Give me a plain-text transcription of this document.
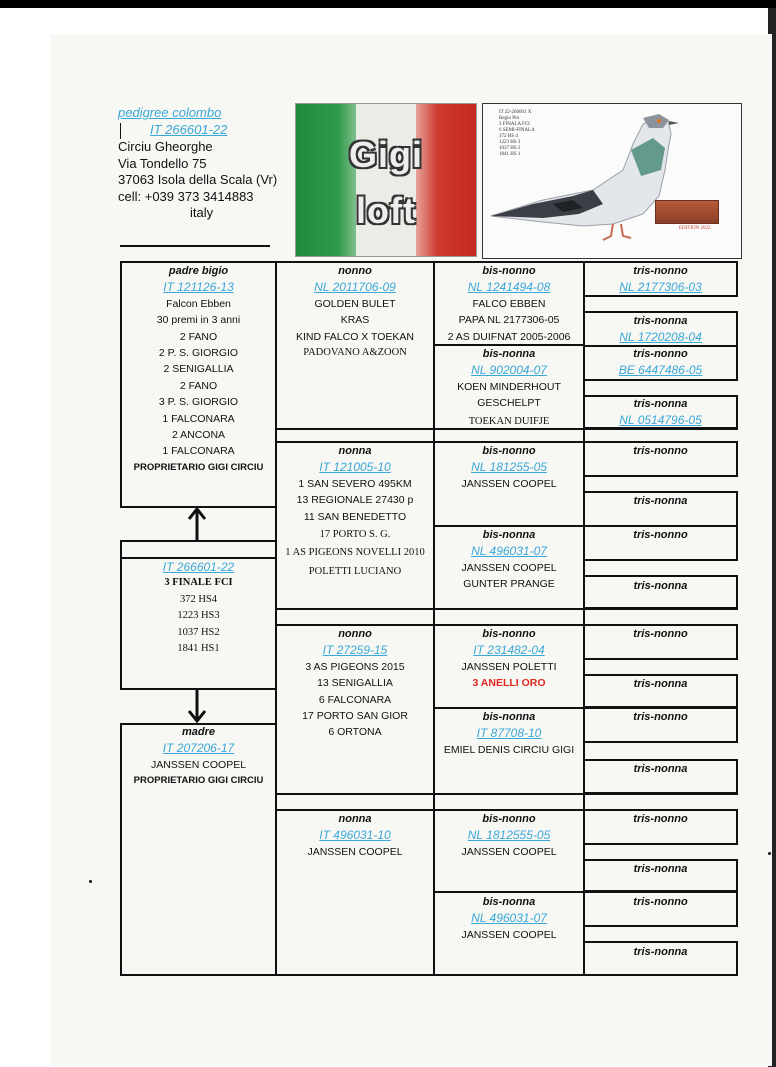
pedigree colombo
IT 266601-22
Circiu Gheorghe
Via Tondello 75
37063 Isola della Scala (Vr)
cell: +039 373 3414883
italy
Gigi
loft
IT 22-266601 X
Regio Pro
3 FINALA FCI
6 SEMI-FINALA
372 HS 4
1223 HS 3
1037 HS 2
1841 HS 1
EDITION 2022
padre bigio
IT 121126-13
Falcon Ebben
30 premi in 3 anni
2 FANO
2 P. S. GIORGIO
2 SENIGALLIA
2 FANO
3 P. S. GIORGIO
1 FALCONARA
2 ANCONA
1 FALCONARA
PROPRIETARIO GIGI CIRCIU
IT 266601-22
3 FINALE FCI
372 HS4
1223 HS3
1037 HS2
1841 HS1
madre
IT 207206-17
JANSSEN COOPEL
PROPRIETARIO GIGI CIRCIU
nonno
NL 2011706-09
GOLDEN BULET
KRAS
KIND FALCO X TOEKAN
PADOVANO A&ZOON
nonna
IT 121005-10
1 SAN SEVERO 495KM
13 REGIONALE 27430 p
11 SAN BENEDETTO
17 PORTO S. G.
1 AS PIGEONS NOVELLI 2010
POLETTI LUCIANO
nonno
IT 27259-15
3 AS PIGEONS 2015
13 SENIGALLIA
6 FALCONARA
17 PORTO SAN GIOR
6 ORTONA
nonna
IT 496031-10
JANSSEN COOPEL
bis-nonno
NL 1241494-08
FALCO EBBEN
PAPA NL 2177306-05
2 AS DUIFNAT 2005-2006
bis-nonna
NL 902004-07
KOEN MINDERHOUT
GESCHELPT
TOEKAN DUIFJE
bis-nonno
NL 181255-05
JANSSEN COOPEL
bis-nonna
NL 496031-07
JANSSEN COOPEL
GUNTER PRANGE
bis-nonno
IT 231482-04
JANSSEN POLETTI
3 ANELLI ORO
bis-nonna
IT 87708-10
EMIEL DENIS CIRCIU GIGI
bis-nonno
NL 1812555-05
JANSSEN COOPEL
bis-nonna
NL 496031-07
JANSSEN COOPEL
tris-nonno
NL 2177306-03
tris-nonna
NL 1720208-04
tris-nonno
BE 6447486-05
tris-nonna
NL 0514796-05
tris-nonno
tris-nonna
tris-nonno
tris-nonna
tris-nonno
tris-nonna
tris-nonno
tris-nonna
tris-nonno
tris-nonna
tris-nonno
tris-nonna
